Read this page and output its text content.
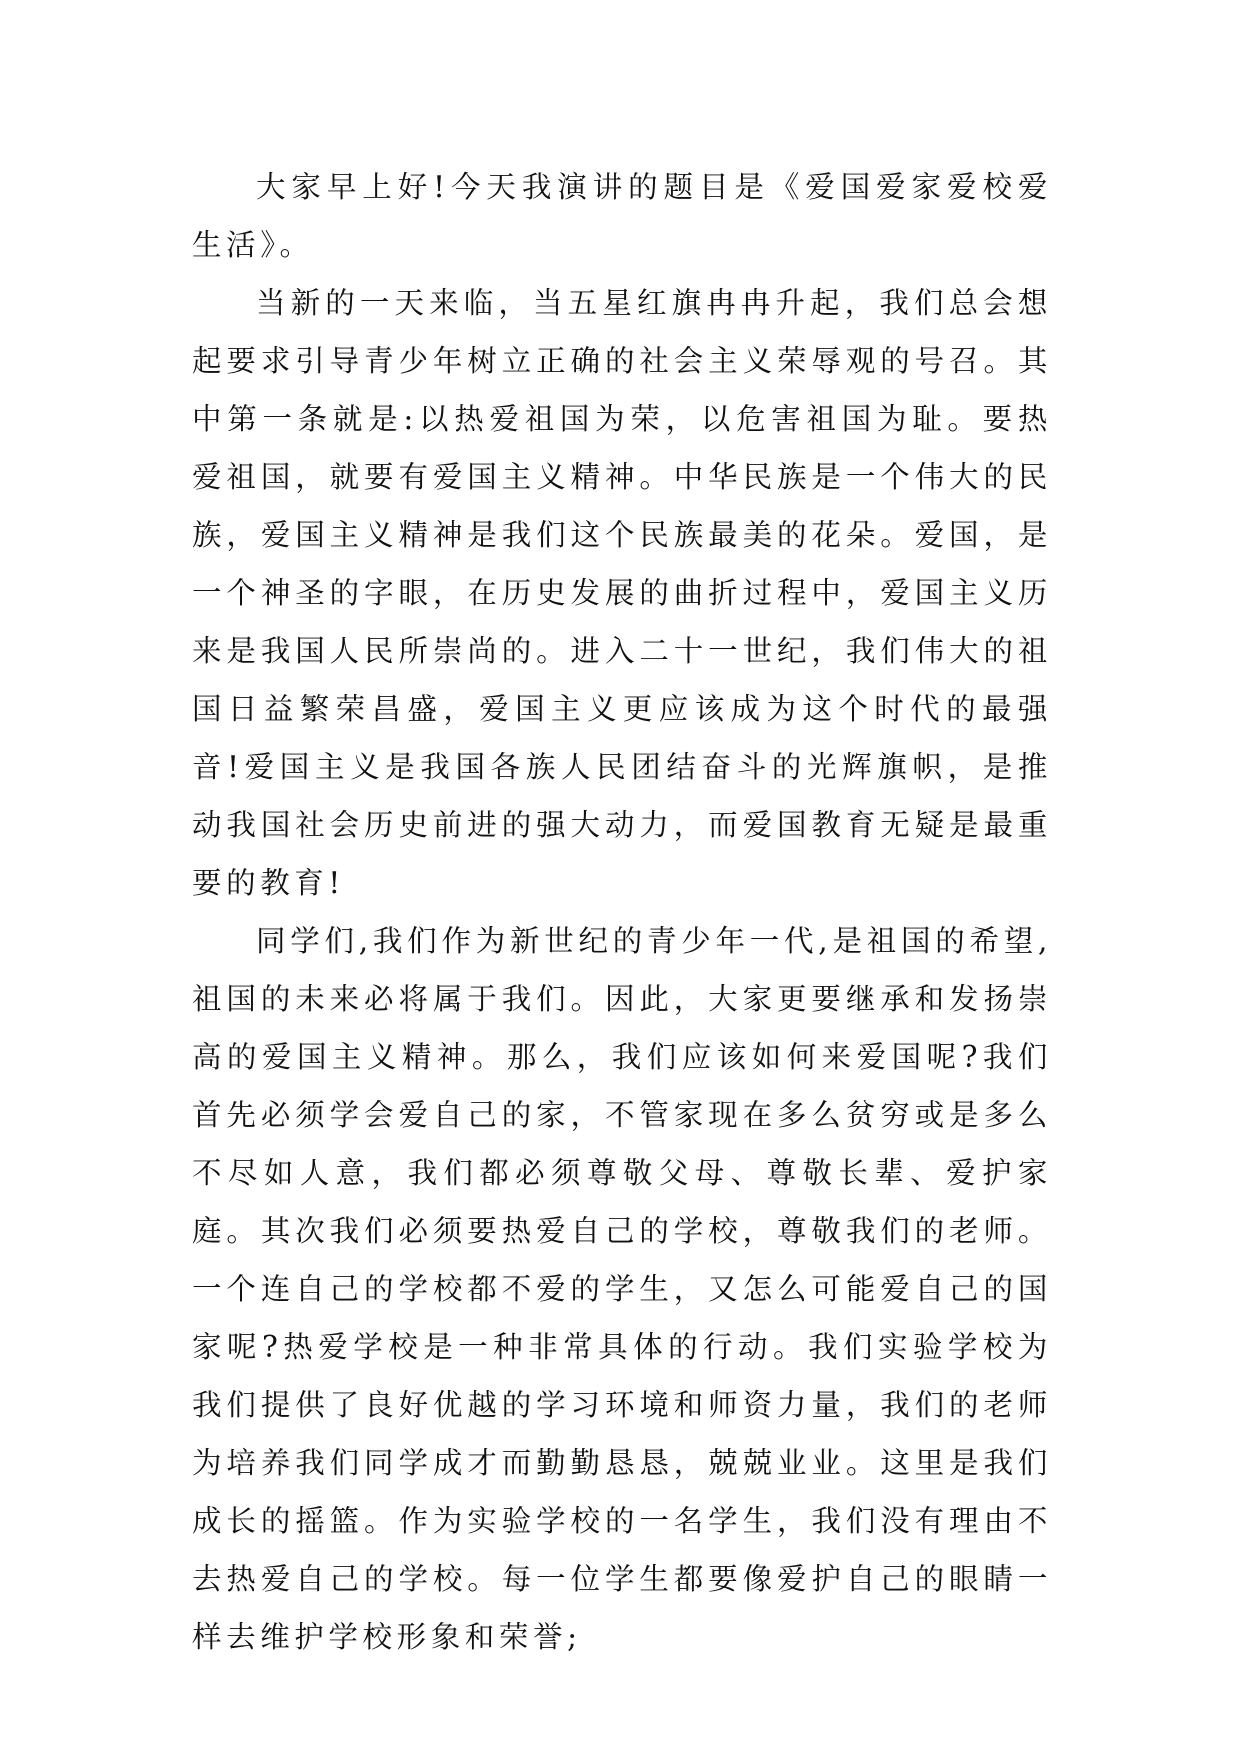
大家早上好!今天我演讲的题目是《爱国爱家爱校爱生活》。

当新的一天来临，当五星红旗冉冉升起，我们总会想起要求引导青少年树立正确的社会主义荣辱观的号召。其中第一条就是:以热爱祖国为荣，以危害祖国为耻。要热爱祖国，就要有爱国主义精神。中华民族是一个伟大的民族，爱国主义精神是我们这个民族最美的花朵。爱国，是一个神圣的字眼，在历史发展的曲折过程中，爱国主义历来是我国人民所崇尚的。进入二十一世纪，我们伟大的祖国日益繁荣昌盛，爱国主义更应该成为这个时代的最强音!爱国主义是我国各族人民团结奋斗的光辉旗帜，是推动我国社会历史前进的强大动力，而爱国教育无疑是最重要的教育!

同学们,我们作为新世纪的青少年一代,是祖国的希望,祖国的未来必将属于我们。因此，大家更要继承和发扬崇高的爱国主义精神。那么，我们应该如何来爱国呢?我们首先必须学会爱自己的家，不管家现在多么贫穷或是多么不尽如人意，我们都必须尊敬父母、尊敬长辈、爱护家庭。其次我们必须要热爱自己的学校，尊敬我们的老师。一个连自己的学校都不爱的学生，又怎么可能爱自己的国家呢?热爱学校是一种非常具体的行动。我们实验学校为我们提供了良好优越的学习环境和师资力量，我们的老师为培养我们同学成才而勤勤恳恳，兢兢业业。这里是我们成长的摇篮。作为实验学校的一名学生，我们没有理由不去热爱自己的学校。每一位学生都要像爱护自己的眼睛一样去维护学校形象和荣誉;
